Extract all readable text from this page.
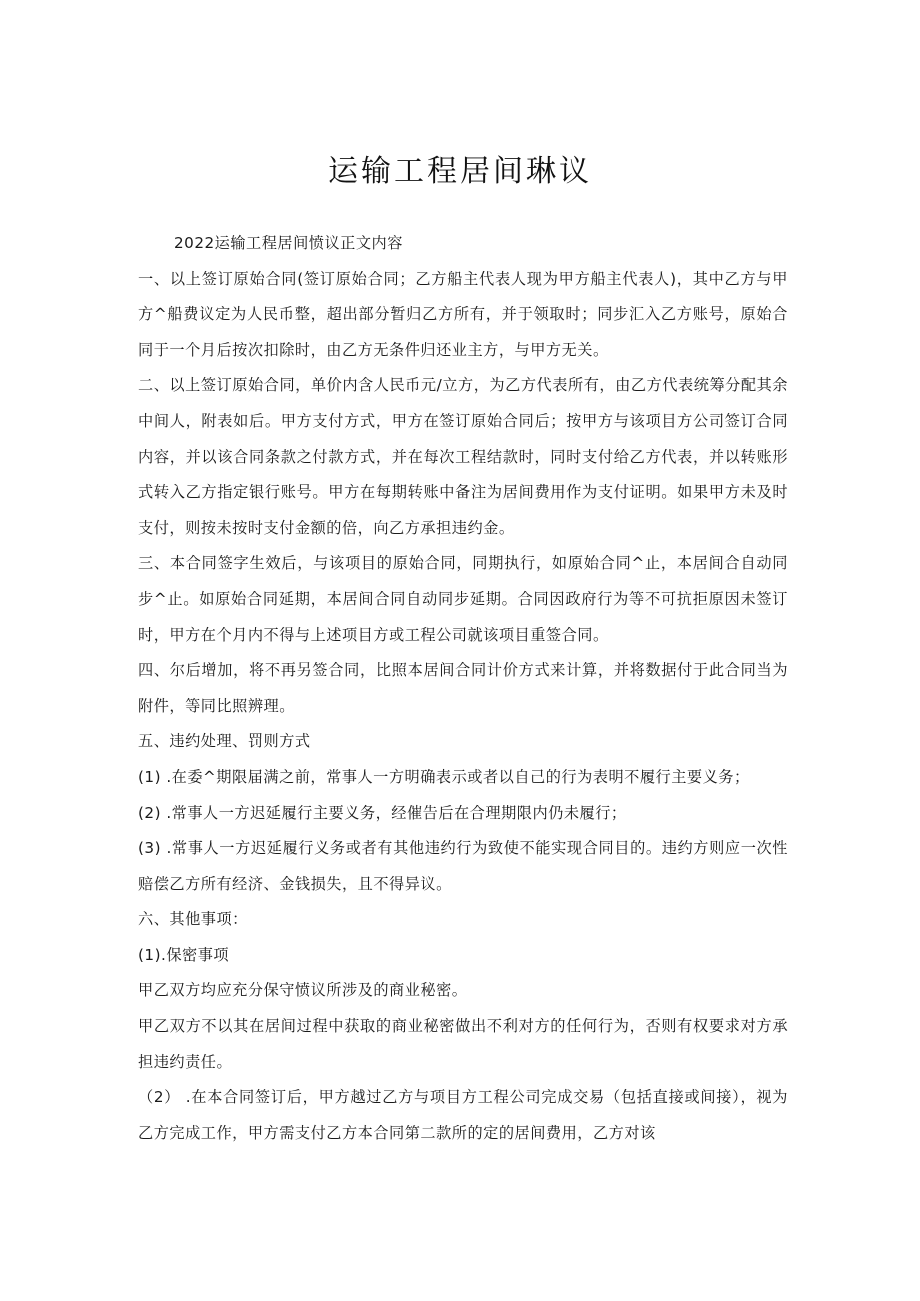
运输工程居间琳议

2022运输工程居间愤议正文内容

一、以上签订原始合同(签订原始合同；乙方船主代表人现为甲方船主代表人)，其中乙方与甲方^船费议定为人民币整，超出部分暂归乙方所有，并于领取时；同步汇入乙方账号，原始合同于一个月后按次扣除时，由乙方无条件归还业主方，与甲方无关。

二、以上签订原始合同，单价内含人民币元/立方，为乙方代表所有，由乙方代表统筹分配其余中间人，附表如后。甲方支付方式，甲方在签订原始合同后；按甲方与该项目方公司签订合同内容，并以该合同条款之付款方式，并在每次工程结款时，同时支付给乙方代表，并以转账形式转入乙方指定银行账号。甲方在每期转账中备注为居间费用作为支付证明。如果甲方未及时支付，则按未按时支付金额的倍，向乙方承担违约金。

三、本合同签字生效后，与该项目的原始合同，同期执行，如原始合同^止，本居间合自动同步^止。如原始合同延期，本居间合同自动同步延期。合同因政府行为等不可抗拒原因未签订时，甲方在个月内不得与上述项目方或工程公司就该项目重签合同。

四、尔后增加，将不再另签合同，比照本居间合同计价方式来计算，并将数据付于此合同当为附件，等同比照辨理。

五、违约处理、罚则方式

(1) .在委^期限届满之前，常事人一方明确表示或者以自己的行为表明不履行主要义务；

(2) .常事人一方迟延履行主要义务，经催告后在合理期限内仍未履行；

(3) .常事人一方迟延履行义务或者有其他违约行为致使不能实现合同目的。违约方则应一次性赔偿乙方所有经济、金钱损失，且不得异议。

六、其他事项：

(1).保密事项

甲乙双方均应充分保守愤议所涉及的商业秘密。

甲乙双方不以其在居间过程中获取的商业秘密做出不利对方的任何行为，否则有权要求对方承担违约责任。

（2） .在本合同签订后，甲方越过乙方与项目方工程公司完成交易（包括直接或间接），视为乙方完成工作，甲方需支付乙方本合同第二款所的定的居间费用，乙方对该
